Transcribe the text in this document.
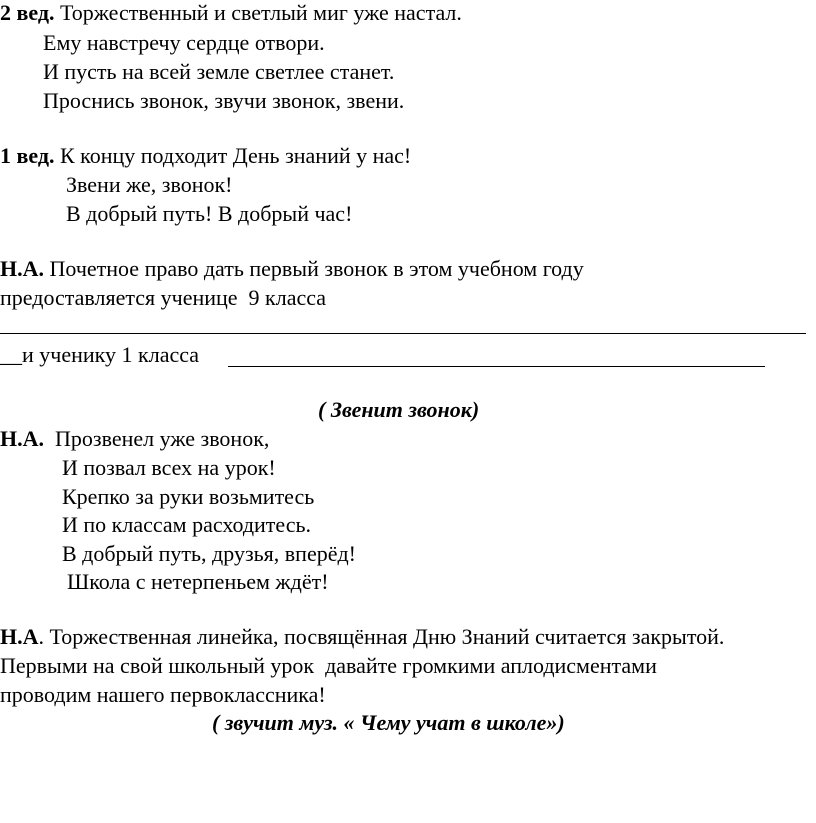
2 вед. Торжественный и светлый миг уже настал.
Ему навстречу сердце отвори.
И пусть на всей земле светлее станет.
Проснись звонок, звучи звонок, звени.
1 вед. К концу подходит День знаний у нас!
Звени же, звонок!
В добрый путь! В добрый час!
Н.А. Почетное право дать первый звонок в этом учебном году
предоставляется ученице  9 класса
__и ученику 1 класса
( Звенит звонок)
Н.А. Прозвенел уже звонок,
И позвал всех на урок!
Крепко за руки возьмитесь
И по классам расходитесь.
В добрый путь, друзья, вперёд!
Школа с нетерпеньем ждёт!
Н.А. Торжественная линейка, посвящённая Дню Знаний считается закрытой.
Первыми на свой школьный урок  давайте громкими аплодисментами
проводим нашего первоклассника!
( звучит муз. « Чему учат в школе»)
